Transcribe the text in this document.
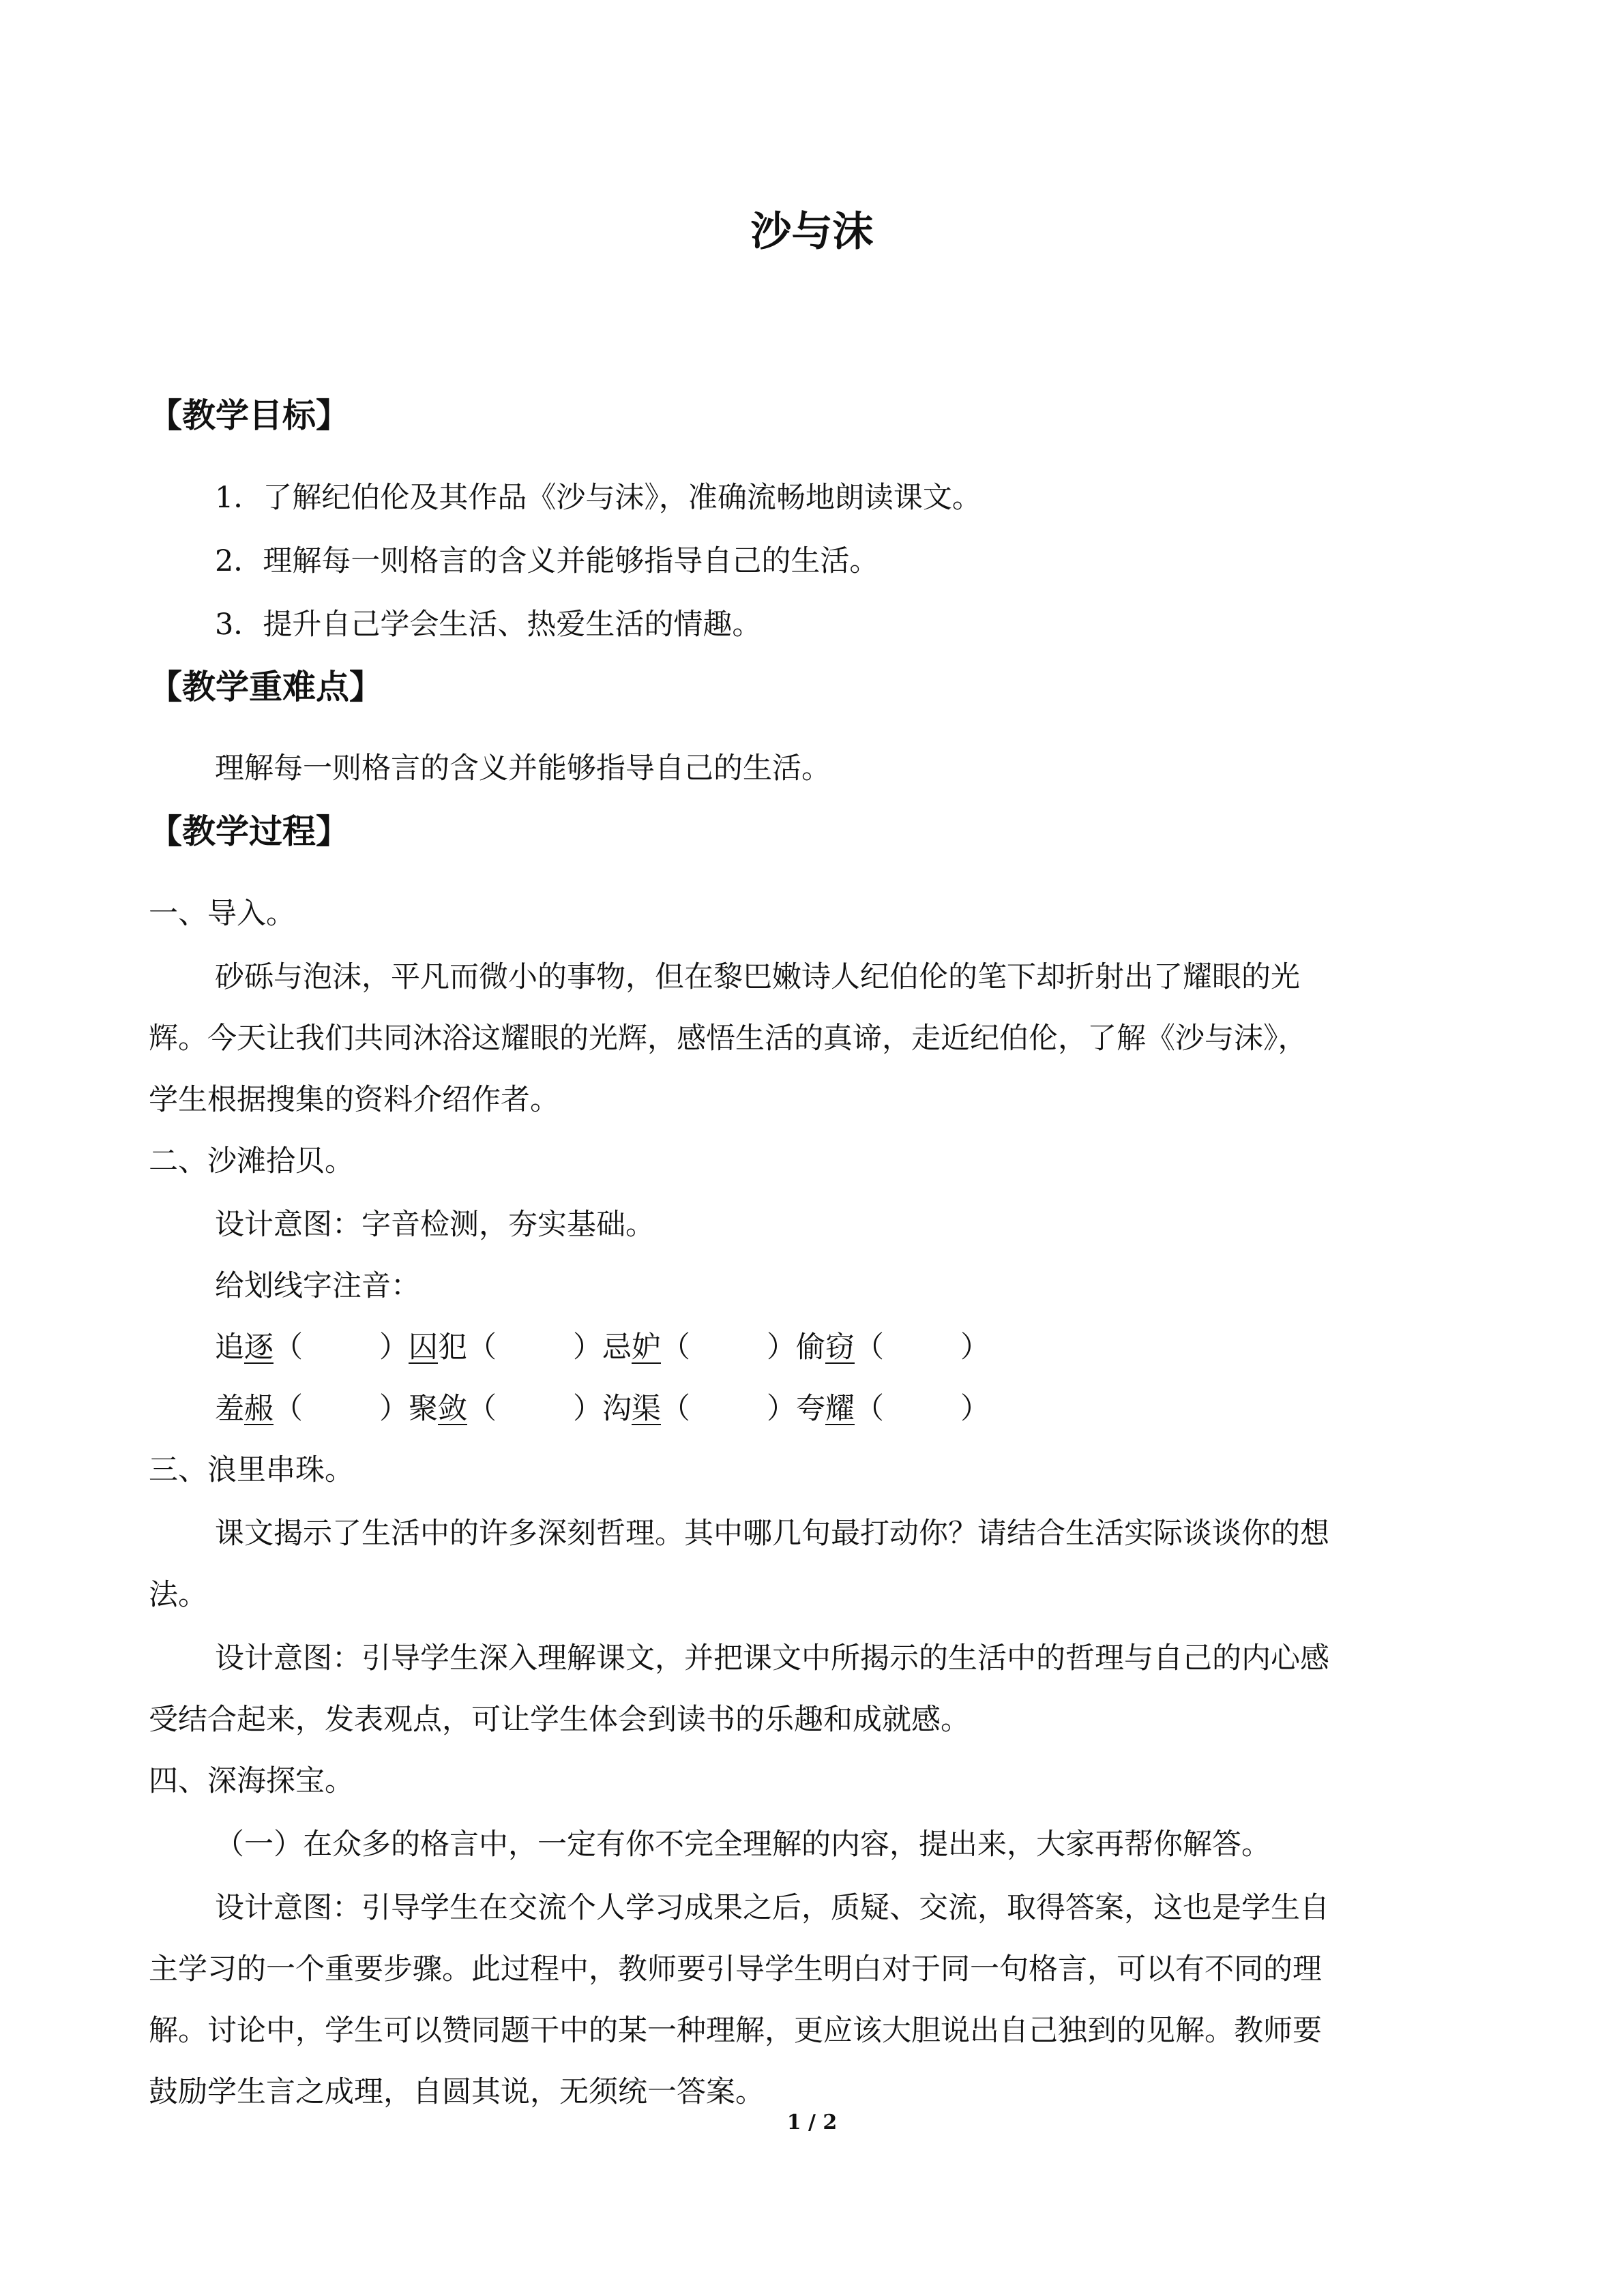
沙与沫
【教学目标】
1．了解纪伯伦及其作品《沙与沫》，准确流畅地朗读课文。
2．理解每一则格言的含义并能够指导自己的生活。
3．提升自己学会生活、热爱生活的情趣。
【教学重难点】
理解每一则格言的含义并能够指导自己的生活。
【教学过程】
一、导入。
砂砾与泡沫，平凡而微小的事物，但在黎巴嫩诗人纪伯伦的笔下却折射出了耀眼的光
辉。今天让我们共同沐浴这耀眼的光辉，感悟生活的真谛，走近纪伯伦，了解《沙与沫》，
学生根据搜集的资料介绍作者。
二、沙滩拾贝。
设计意图：字音检测，夯实基础。
给划线字注音：
追逐（	）囚犯（	）忌妒（	）偷窃（	）
羞赧（	）聚敛（	）沟渠（	）夸耀（	）
三、浪里串珠。
课文揭示了生活中的许多深刻哲理。其中哪几句最打动你？请结合生活实际谈谈你的想
法。
设计意图：引导学生深入理解课文，并把课文中所揭示的生活中的哲理与自己的内心感
受结合起来，发表观点，可让学生体会到读书的乐趣和成就感。
四、深海探宝。
（一）在众多的格言中，一定有你不完全理解的内容，提出来，大家再帮你解答。
设计意图：引导学生在交流个人学习成果之后，质疑、交流，取得答案，这也是学生自
主学习的一个重要步骤。此过程中，教师要引导学生明白对于同一句格言，可以有不同的理
解。讨论中，学生可以赞同题干中的某一种理解，更应该大胆说出自己独到的见解。教师要
鼓励学生言之成理，自圆其说，无须统一答案。
1 / 2
